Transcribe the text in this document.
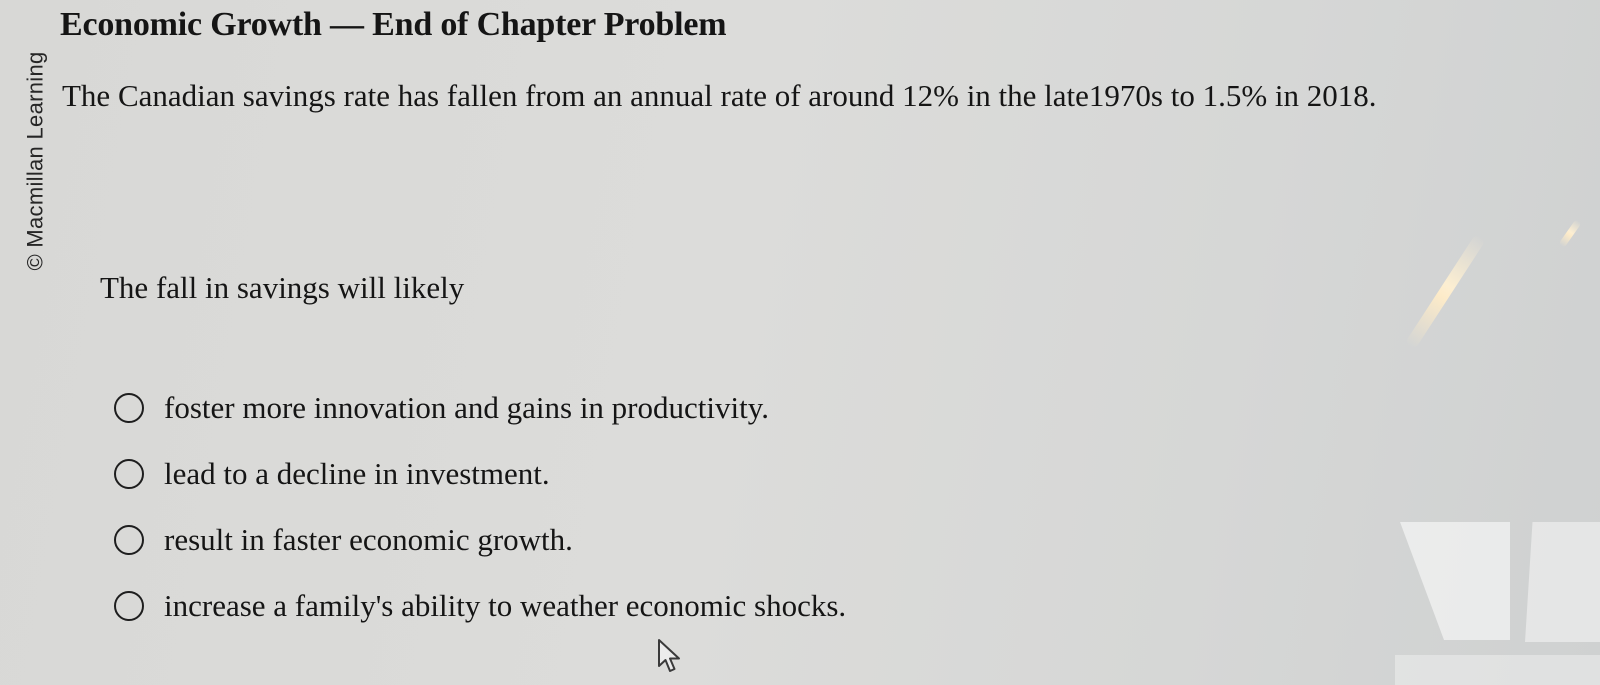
© Macmillan Learning
Economic Growth — End of Chapter Problem

The Canadian savings rate has fallen from an annual rate of around 12% in the late1970s to 1.5% in 2018.

The fall in savings will likely

foster more innovation and gains in productivity.
lead to a decline in investment.
result in faster economic growth.
increase a family's ability to weather economic shocks.
